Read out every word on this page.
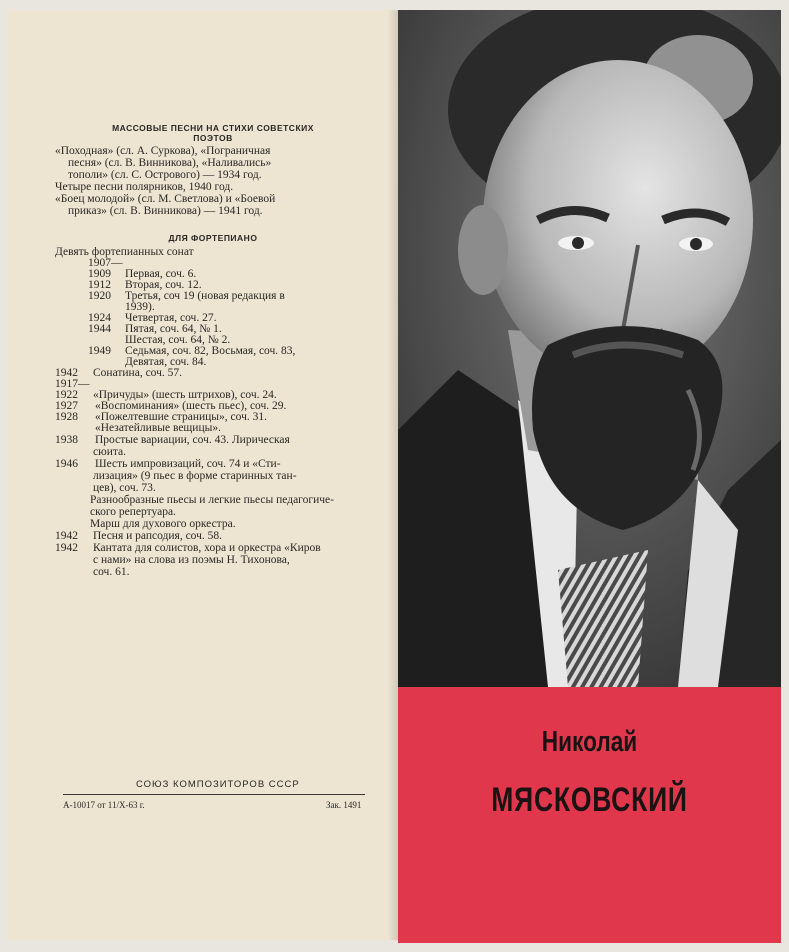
МАССОВЫЕ ПЕСНИ НА СТИХИ СОВЕТСКИХ
ПОЭТОВ
«Походная» (сл. А. Суркова), «Пограничная
песня» (сл. В. Винникова), «Наливались»
тополи» (сл. С. Острового) — 1934 год.
Четыре песни полярников, 1940 год.
«Боец молодой» (сл. М. Светлова) и «Боевой
приказ» (сл. В. Винникова) — 1941 год.
ДЛЯ ФОРТЕПИАНО
Девять фортепианных сонат
1907—
1909 Первая, соч. 6.
1912 Вторая, соч. 12.
1920 Третья, соч 19 (новая редакция в
1939).
1924 Четвертая, соч. 27.
1944 Пятая, соч. 64, № 1.
Шестая, соч. 64, № 2.
1949 Седьмая, соч. 82, Восьмая, соч. 83,
Девятая, соч. 84.
1942 Сонатина, соч. 57.
1917—
1922 «Причуды» (шесть штрихов), соч. 24.
1927 «Воспоминания» (шесть пьес), соч. 29.
1928 «Пожелтевшие страницы», соч. 31.
«Незатейливые вещицы».
1938 Простые вариации, соч. 43. Лирическая
сюита.
1946 Шесть импровизаций, соч. 74 и «Сти-
лизация» (9 пьес в форме старинных тан-
цев), соч. 73.
Разнообразные пьесы и легкие пьесы педагогиче-
ского репертуара.
Марш для духового оркестра.
1942 Песня и рапсодия, соч. 58.
1942 Кантата для солистов, хора и оркестра «Киров
с нами» на слова из поэмы Н. Тихонова,
соч. 61.
СОЮЗ КОМПОЗИТОРОВ СССР
А-10017 от 11/Х-63 г.	Зак. 1491
Николай
МЯСКОВСКИЙ
